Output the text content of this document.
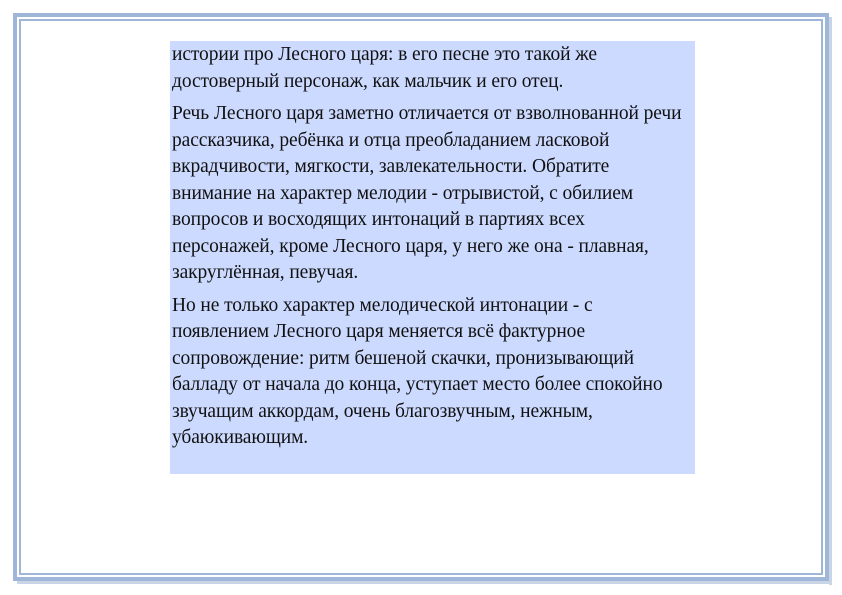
истории про Лесного царя: в его песне это такой же достоверный персонаж, как мальчик и его отец.

Речь Лесного царя заметно отличается от взволнованной речи рассказчика, ребёнка и отца преобладанием ласковой вкрадчивости, мягкости, завлекательности. Обратите внимание на характер мелодии - отрывистой, с обилием вопросов и восходящих интонаций в партиях всех персонажей, кроме Лесного царя, у него же она - плавная, закруглённая, певучая.

Но не только характер мелодической интонации - с появлением Лесного царя меняется всё фактурное сопровождение: ритм бешеной скачки, пронизывающий балладу от начала до конца, уступает место более спокойно звучащим аккордам, очень благозвучным, нежным, убаюкивающим.
